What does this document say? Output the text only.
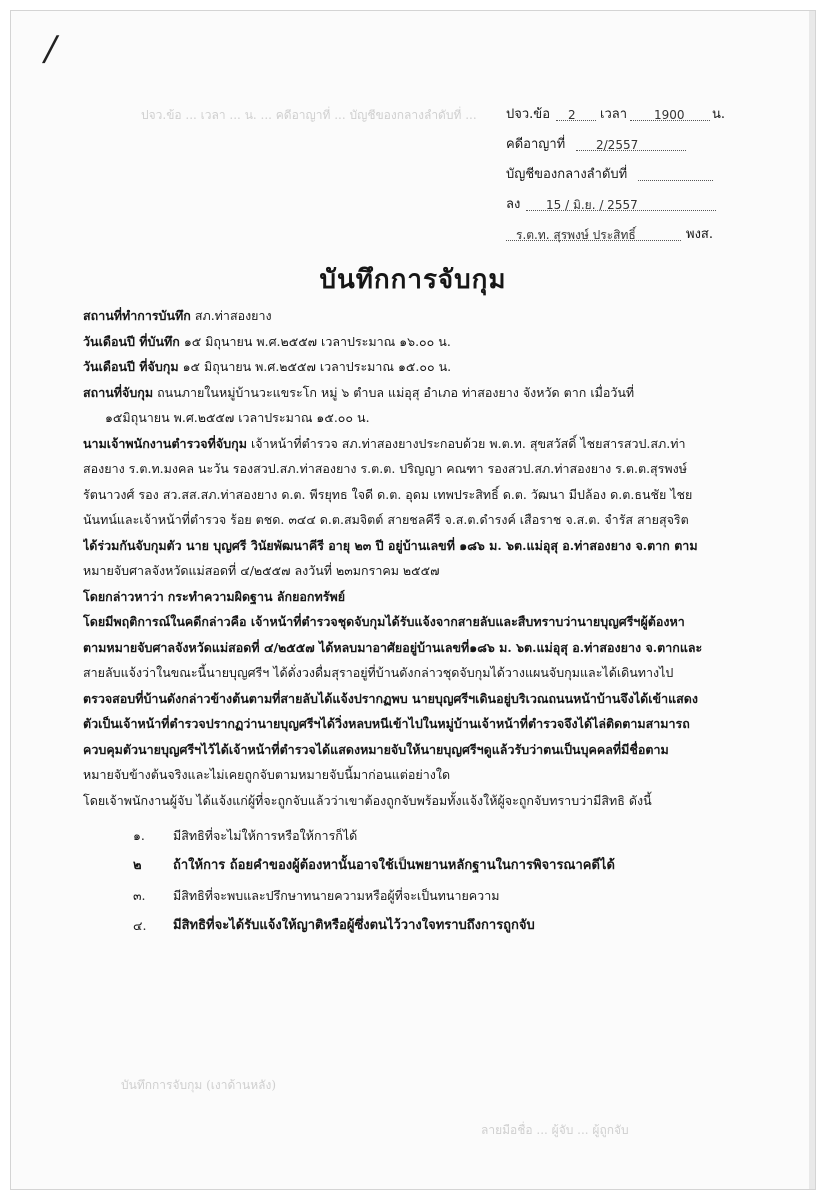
/
ปจว.ข้อ ... เวลา ... น. ... คดีอาญาที่ ... บัญชีของกลางลำดับที่ ...
บันทึกการจับกุม (เงาด้านหลัง)
ลายมือชื่อ ... ผู้จับ ... ผู้ถูกจับ
ปจว.ข้อ 2 เวลา 1900 น.
คดีอาญาที่	2/2557
บัญชีของกลางลำดับที่
ลง 15 / มิ.ย. / 2557
ร.ต.ท. สุรพงษ์ ประสิทธิ์	พงส.
บันทึกการจับกุม
สถานที่ทำการบันทึก สภ.ท่าสองยาง
วันเดือนปี ที่บันทึก ๑๕ มิถุนายน พ.ศ.๒๕๕๗ เวลาประมาณ ๑๖.๐๐ น.
วันเดือนปี ที่จับกุม ๑๕ มิถุนายน พ.ศ.๒๕๕๗ เวลาประมาณ ๑๕.๐๐ น.
สถานที่จับกุม ถนนภายในหมู่บ้านวะแขระโก หมู่ ๖ ตำบล แม่อุสุ อำเภอ ท่าสองยาง จังหวัด ตาก เมื่อวันที่
๑๕มิถุนายน พ.ศ.๒๕๕๗ เวลาประมาณ ๑๕.๐๐ น.
นามเจ้าพนักงานตำรวจที่จับกุม เจ้าหน้าที่ตำรวจ สภ.ท่าสองยางประกอบด้วย พ.ต.ท. สุขสวัสดิ์ ไชยสารสวป.สภ.ท่า
สองยาง ร.ต.ท.มงคล นะวัน รองสวป.สภ.ท่าสองยาง ร.ต.ต. ปริญญา คณฑา รองสวป.สภ.ท่าสองยาง ร.ต.ต.สุรพงษ์
รัตนาวงศ์ รอง สว.สส.สภ.ท่าสองยาง ด.ต. พีรยุทธ ใจดี ด.ต. อุดม เทพประสิทธิ์ ด.ต. วัฒนา มีปล้อง ด.ต.ธนชัย ไชย
นันทน์และเจ้าหน้าที่ตำรวจ ร้อย ตชด. ๓๔๔ ด.ต.สมจิตต์ สายชลคีรี จ.ส.ต.ดำรงค์ เสือราช จ.ส.ต. จำรัส สายสุจริต
ได้ร่วมกันจับกุมตัว นาย บุญศรี วินัยพัฒนาคีรี อายุ ๒๓ ปี อยู่บ้านเลขที่ ๑๘๖ ม. ๖ต.แม่อุสุ อ.ท่าสองยาง จ.ตาก ตาม
หมายจับศาลจังหวัดแม่สอดที่ ๔/๒๕๕๗ ลงวันที่ ๒๓มกราคม ๒๕๕๗
โดยกล่าวหาว่า กระทำความผิดฐาน ลักยอกทรัพย์
โดยมีพฤติการณ์ในคดีกล่าวคือ เจ้าหน้าที่ตำรวจชุดจับกุมได้รับแจ้งจากสายลับและสืบทราบว่านายบุญศรีฯผู้ต้องหา
ตามหมายจับศาลจังหวัดแม่สอดที่ ๔/๒๕๕๗ ได้หลบมาอาศัยอยู่บ้านเลขที่๑๘๖ ม. ๖ต.แม่อุสุ อ.ท่าสองยาง จ.ตากและ
สายลับแจ้งว่าในขณะนี้นายบุญศรีฯ ได้ดั่งวงดื่มสุราอยู่ที่บ้านดังกล่าวชุดจับกุมได้วางแผนจับกุมและได้เดินทางไป
ตรวจสอบที่บ้านดังกล่าวข้างต้นตามที่สายลับได้แจ้งปรากฏพบ นายบุญศรีฯเดินอยู่บริเวณถนนหน้าบ้านจึงได้เข้าแสดง
ตัวเป็นเจ้าหน้าที่ตำรวจปรากฏว่านายบุญศรีฯได้วิ่งหลบหนีเข้าไปในหมู่บ้านเจ้าหน้าที่ตำรวจจึงได้ไล่ติดตามสามารถ
ควบคุมตัวนายบุญศรีฯไว้ได้เจ้าหน้าที่ตำรวจได้แสดงหมายจับให้นายบุญศรีฯดูแล้วรับว่าตนเป็นบุคคลที่มีชื่อตาม
หมายจับข้างต้นจริงและไม่เคยถูกจับตามหมายจับนี้มาก่อนแต่อย่างใด
โดยเจ้าพนักงานผู้จับ ได้แจ้งแก่ผู้ที่จะถูกจับแล้วว่าเขาต้องถูกจับพร้อมทั้งแจ้งให้ผู้จะถูกจับทราบว่ามีสิทธิ ดังนี้
๑.	มีสิทธิที่จะไม่ให้การหรือให้การก็ได้
๒	ถ้าให้การ ถ้อยคำของผู้ต้องหานั้นอาจใช้เป็นพยานหลักฐานในการพิจารณาคดีได้
๓.	มีสิทธิที่จะพบและปรึกษาทนายความหรือผู้ที่จะเป็นทนายความ
๔.	มีสิทธิที่จะได้รับแจ้งให้ญาติหรือผู้ซึ่งตนไว้วางใจทราบถึงการถูกจับ
